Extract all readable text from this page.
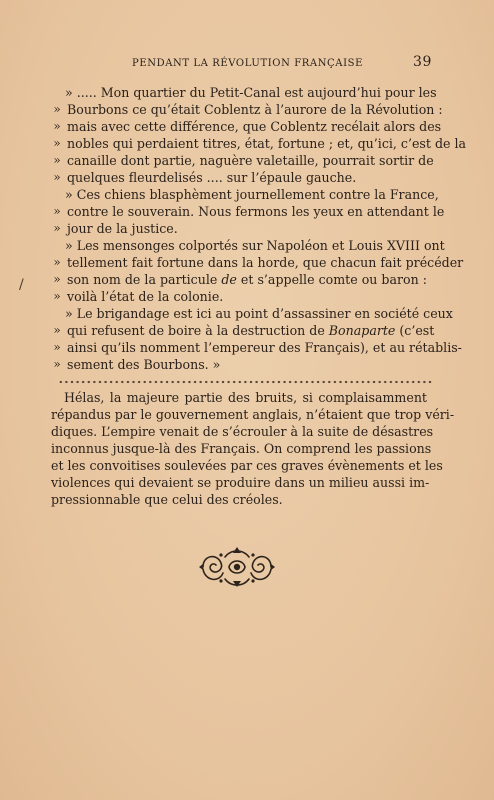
PENDANT LA RÉVOLUTION FRANÇAISE	39
/
» ..... Mon quartier du Petit-Canal est aujourd’hui pour les
» Bourbons ce qu’était Coblentz à l’aurore de la Révolution :
» mais avec cette différence, que Coblentz recélait alors des
» nobles qui perdaient titres, état, fortune ; et, qu’ici, c’est de la
» canaille dont partie, naguère valetaille, pourrait sortir de
» quelques fleurdelisés .... sur l’épaule gauche.
» Ces chiens blasphèment journellement contre la France,
» contre le souverain. Nous fermons les yeux en attendant le
» jour de la justice.
» Les mensonges colportés sur Napoléon et Louis XVIII ont
» tellement fait fortune dans la horde, que chacun fait précéder
» son nom de la particule de et s’appelle comte ou baron :
» voilà l’état de la colonie.
» Le brigandage est ici au point d’assassiner en société ceux
» qui refusent de boire à la destruction de Bonaparte (c’est
» ainsi qu’ils nomment l’empereur des Français), et au rétablis-
» sement des Bourbons. »
Hélas, la majeure partie des bruits, si complaisamment
répandus par le gouvernement anglais, n’étaient que trop véri-
diques. L’empire venait de s’écrouler à la suite de désastres
inconnus jusque-là des Français. On comprend les passions
et les convoitises soulevées par ces graves évènements et les
violences qui devaient se produire dans un milieu aussi im-
pressionnable que celui des créoles.
